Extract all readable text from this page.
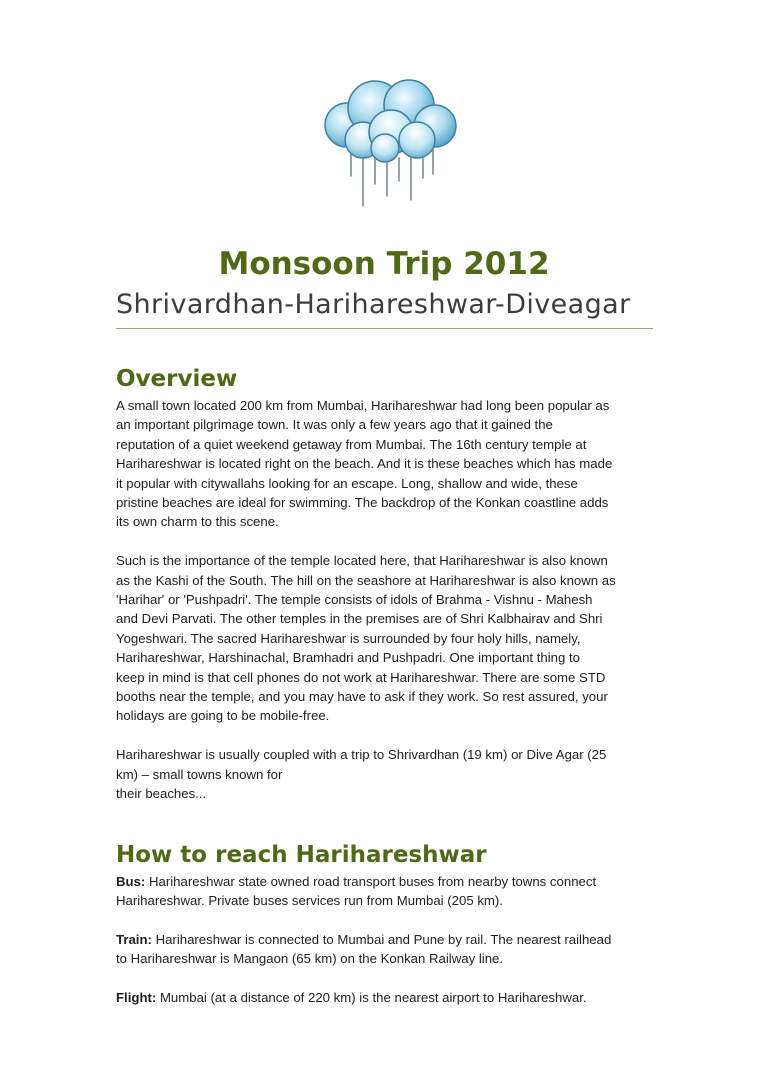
Monsoon Trip 2012
Shrivardhan-Harihareshwar-Diveagar
Overview

A small town located 200 km from Mumbai, Harihareshwar had long been popular as
an important pilgrimage town. It was only a few years ago that it gained the
reputation of a quiet weekend getaway from Mumbai. The 16th century temple at
Harihareshwar is located right on the beach. And it is these beaches which has made
it popular with citywallahs looking for an escape. Long, shallow and wide, these
pristine beaches are ideal for swimming. The backdrop of the Konkan coastline adds
its own charm to this scene.

Such is the importance of the temple located here, that Harihareshwar is also known
as the Kashi of the South. The hill on the seashore at Harihareshwar is also known as
'Harihar' or 'Pushpadri'. The temple consists of idols of Brahma - Vishnu - Mahesh
and Devi Parvati. The other temples in the premises are of Shri Kalbhairav and Shri
Yogeshwari. The sacred Harihareshwar is surrounded by four holy hills, namely,
Harihareshwar, Harshinachal, Bramhadri and Pushpadri. One important thing to
keep in mind is that cell phones do not work at Harihareshwar. There are some STD
booths near the temple, and you may have to ask if they work. So rest assured, your
holidays are going to be mobile-free.

Harihareshwar is usually coupled with a trip to Shrivardhan (19 km) or Dive Agar (25
km) – small towns known for
their beaches...

How to reach Harihareshwar

Bus: Harihareshwar state owned road transport buses from nearby towns connect
Harihareshwar. Private buses services run from Mumbai (205 km).

Train: Harihareshwar is connected to Mumbai and Pune by rail. The nearest railhead
to Harihareshwar is Mangaon (65 km) on the Konkan Railway line.

Flight: Mumbai (at a distance of 220 km) is the nearest airport to Harihareshwar.
